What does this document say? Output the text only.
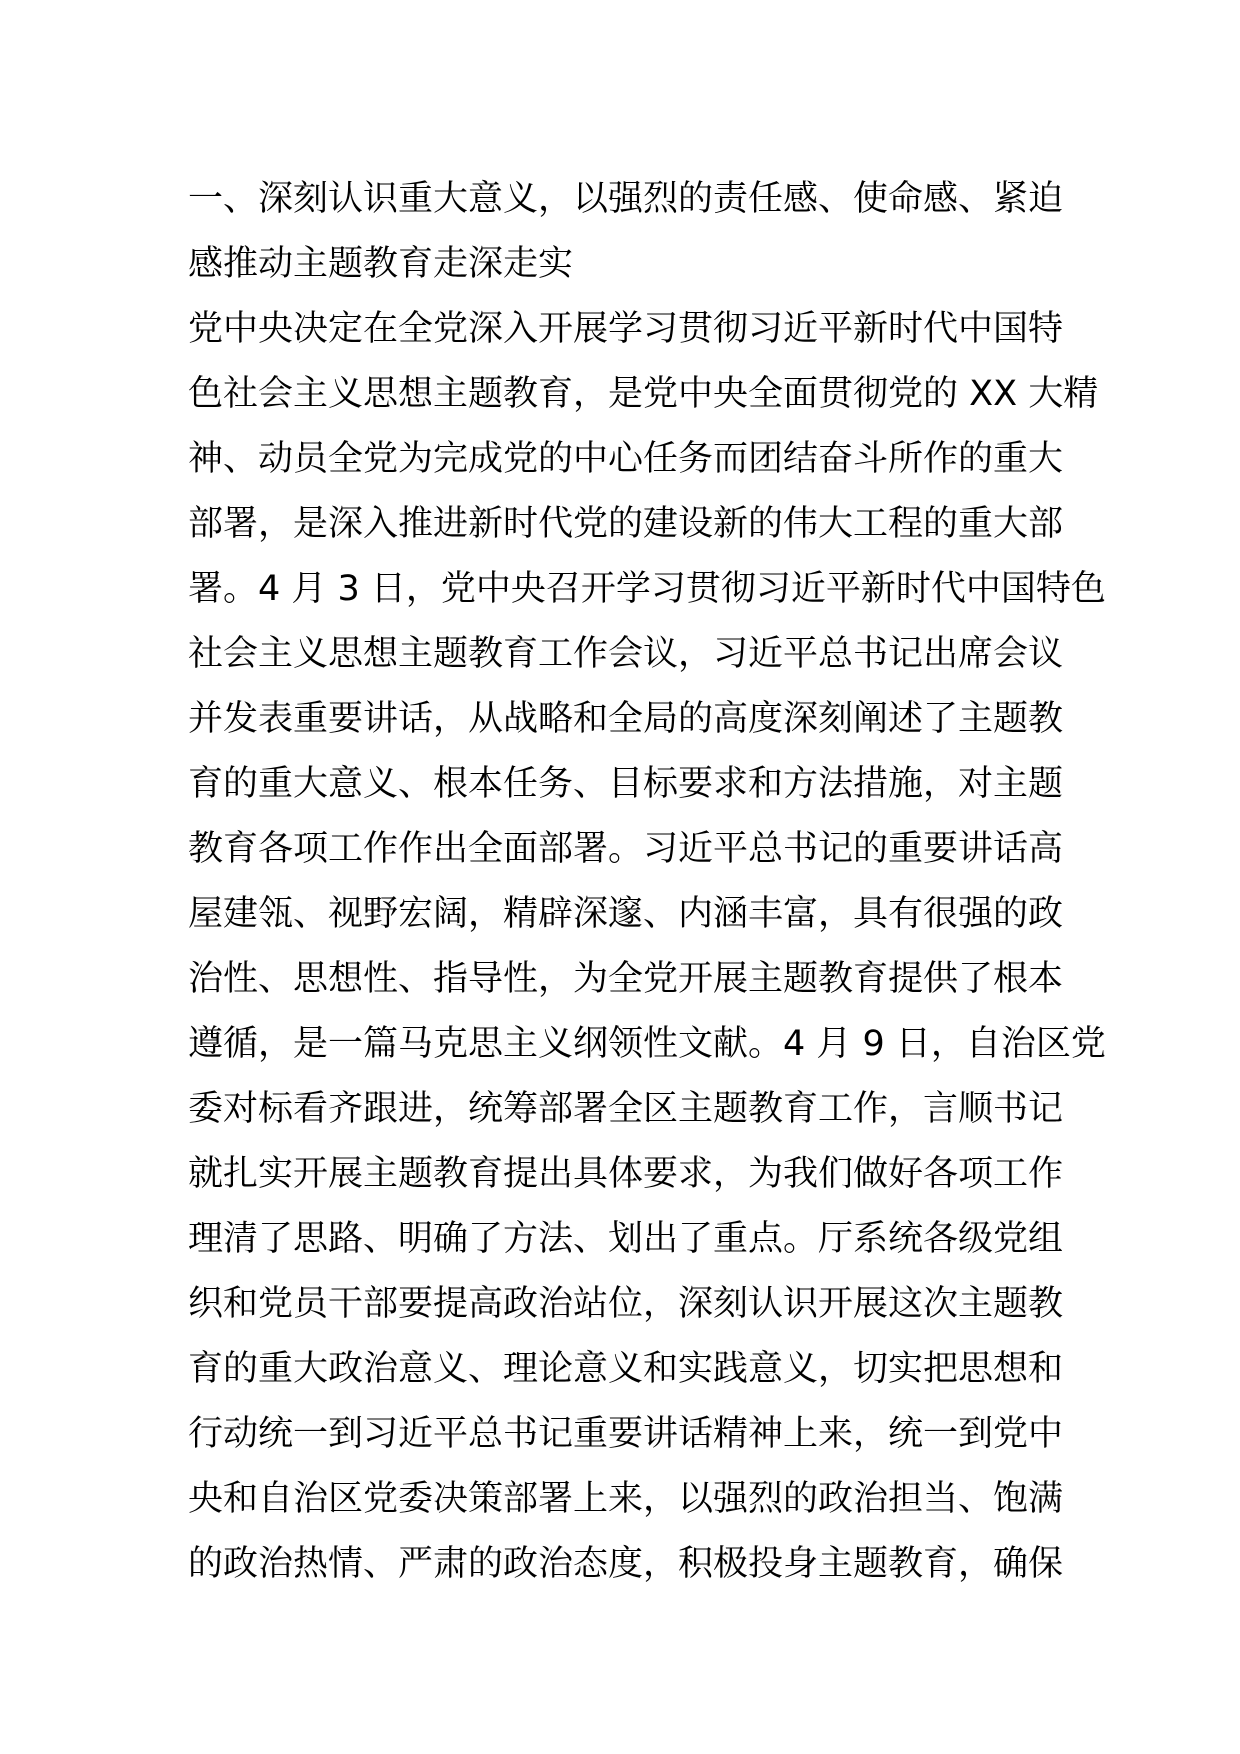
一、深刻认识重大意义，以强烈的责任感、使命感、紧迫
感推动主题教育走深走实
党中央决定在全党深入开展学习贯彻习近平新时代中国特
色社会主义思想主题教育，是党中央全面贯彻党的 XX 大精
神、动员全党为完成党的中心任务而团结奋斗所作的重大
部署，是深入推进新时代党的建设新的伟大工程的重大部
署。4 月 3 日，党中央召开学习贯彻习近平新时代中国特色
社会主义思想主题教育工作会议，习近平总书记出席会议
并发表重要讲话，从战略和全局的高度深刻阐述了主题教
育的重大意义、根本任务、目标要求和方法措施，对主题
教育各项工作作出全面部署。习近平总书记的重要讲话高
屋建瓴、视野宏阔，精辟深邃、内涵丰富，具有很强的政
治性、思想性、指导性，为全党开展主题教育提供了根本
遵循，是一篇马克思主义纲领性文献。4 月 9 日，自治区党
委对标看齐跟进，统筹部署全区主题教育工作，言顺书记
就扎实开展主题教育提出具体要求，为我们做好各项工作
理清了思路、明确了方法、划出了重点。厅系统各级党组
织和党员干部要提高政治站位，深刻认识开展这次主题教
育的重大政治意义、理论意义和实践意义，切实把思想和
行动统一到习近平总书记重要讲话精神上来，统一到党中
央和自治区党委决策部署上来，以强烈的政治担当、饱满
的政治热情、严肃的政治态度，积极投身主题教育，确保
